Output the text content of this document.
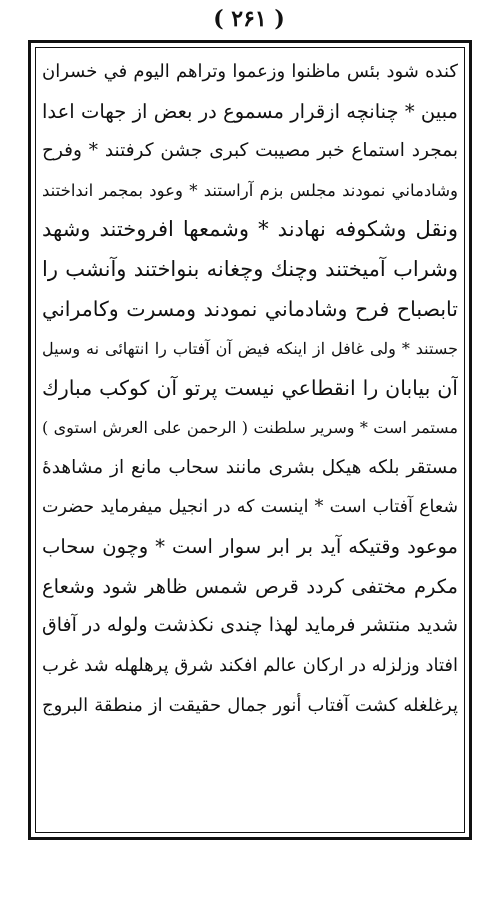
( ۲۶۱ )
کنده شود بئس ماظنوا وزعموا وتراهم الیوم في خسران
مبین * چنانچه ازقرار مسموع در بعض از جهات اعدا
بمجرد استماع خبر مصیبت کبری جشن کرفتند * وفرح
وشادماني نمودند مجلس بزم آراستند * وعود بمجمر انداختند
ونقل وشکوفه نهادند * وشمعها افروختند وشهد
وشراب آمیختند وچنك وچغانه بنواختند وآنشب را
تابصباح فرح وشادماني نمودند ومسرت وکامراني
جستند * ولی غافل از اینکه فیض آن آفتاب را انتهائی نه وسیل
آن بیابان را انقطاعي نیست پرتو آن کوکب مبارك
مستمر است * وسریر سلطنت ( الرحمن علی العرش استوی )
مستقر بلکه هیکل بشری مانند سحاب مانع از مشاهدهٔ
شعاع آفتاب است * اینست که در انجیل میفرماید حضرت
موعود وقتیکه آید بر ابر سوار است * وچون سحاب
مکرم مختفی کردد قرص شمس ظاهر شود وشعاع
شدید منتشر فرماید لهذا چندی نکذشت ولوله در آفاق
افتاد وزلزله در ارکان عالم افکند شرق پرهلهله شد غرب
پرغلغله کشت آفتاب أنور جمال حقیقت از منطقة البروج
